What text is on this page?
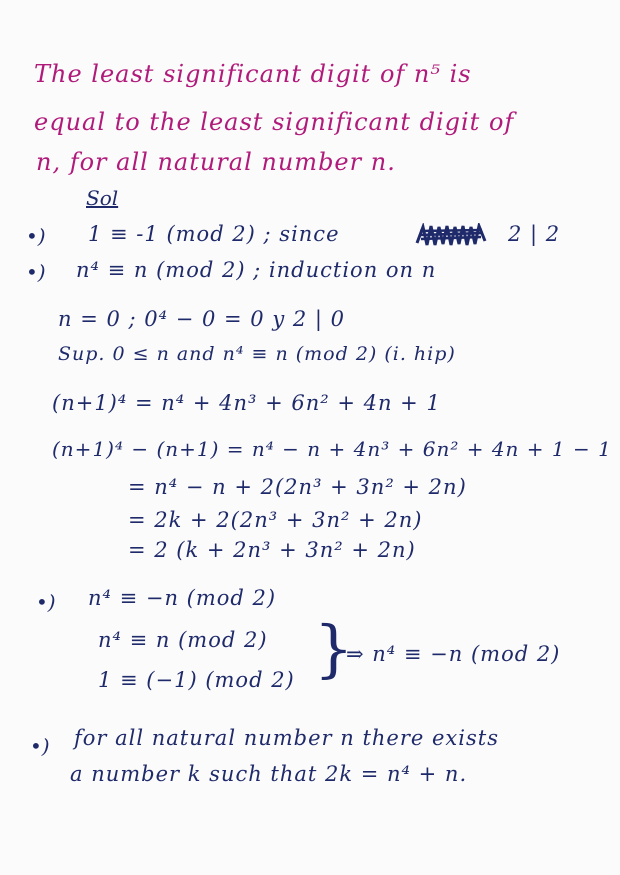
The least significant digit of n⁵ is
equal to the least significant digit of
n, for all natural number n.
Sol
•) 1 ≡ -1 (mod 2) ; since	2 | 2
•) n⁴ ≡ n (mod 2) ; induction on n
n = 0 ; 0⁴ − 0 = 0 y 2 | 0
Sup. 0 ≤ n and n⁴ ≡ n (mod 2) (i. hip)
(n+1)⁴ = n⁴ + 4n³ + 6n² + 4n + 1
(n+1)⁴ − (n+1) = n⁴ − n + 4n³ + 6n² + 4n + 1 − 1
= n⁴ − n + 2(2n³ + 3n² + 2n)
= 2k + 2(2n³ + 3n² + 2n)
= 2 (k + 2n³ + 3n² + 2n)
•) n⁴ ≡ −n (mod 2)
n⁴ ≡ n (mod 2)
1 ≡ (−1) (mod 2) }
⇒ n⁴ ≡ −n (mod 2)
•) for all natural number n there exists
a number k such that 2k = n⁴ + n.
